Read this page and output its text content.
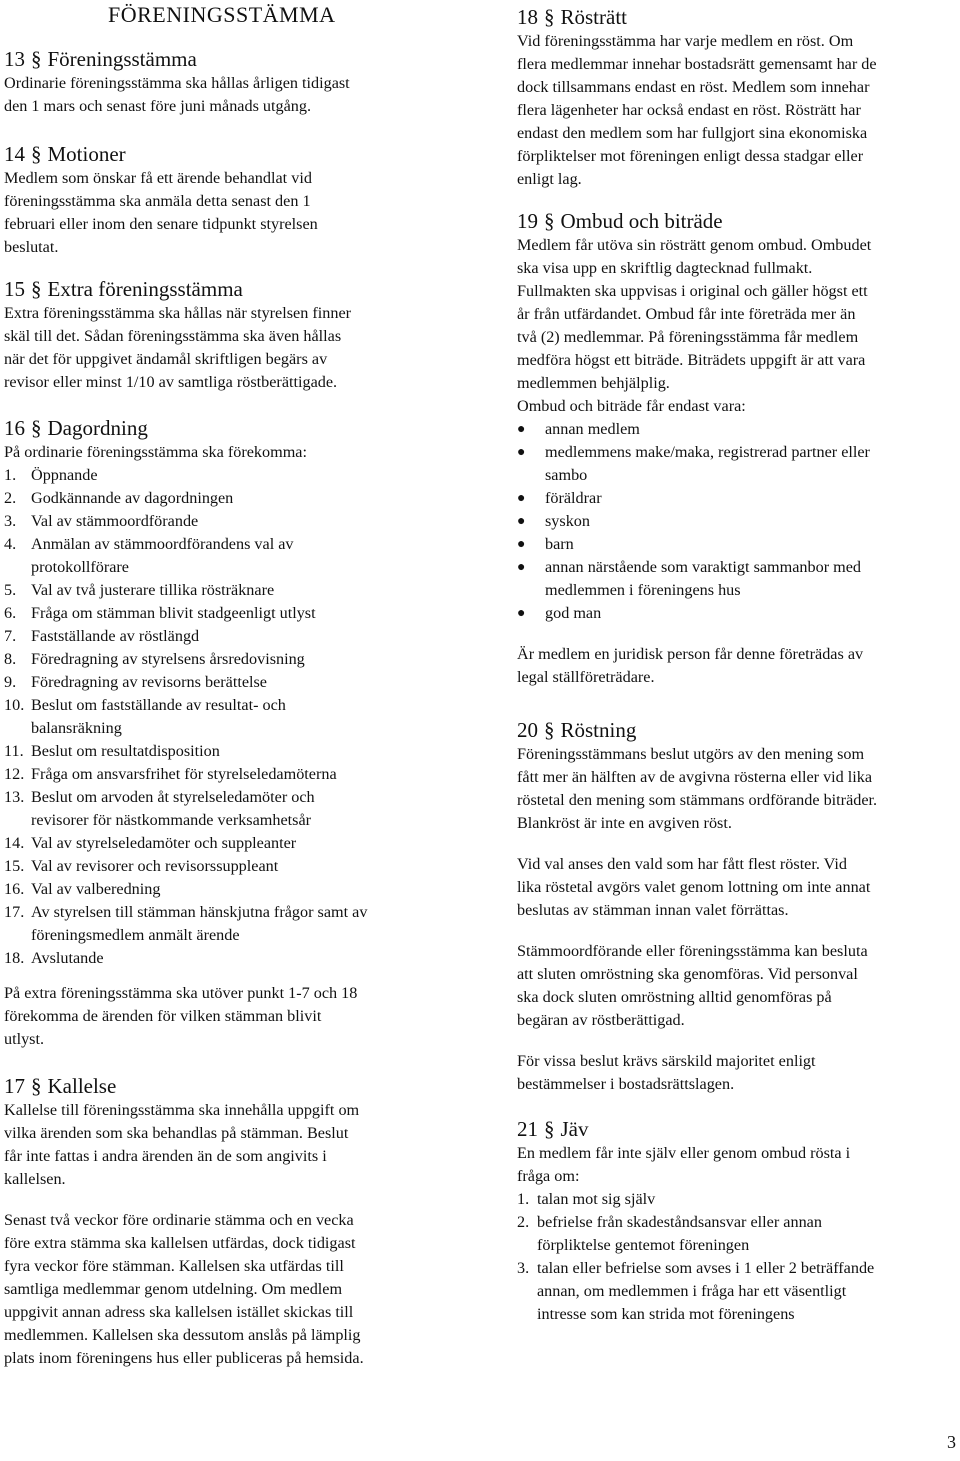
FÖRENINGSSTÄMMA
13 § Föreningsstämma

Ordinarie föreningsstämma ska hållas årligen tidigast

den 1 mars och senast före juni månads utgång.

14 § Motioner

Medlem som önskar få ett ärende behandlat vid

föreningsstämma ska anmäla detta senast den 1

februari eller inom den senare tidpunkt styrelsen

beslutat.

15 § Extra föreningsstämma

Extra föreningsstämma ska hållas när styrelsen finner

skäl till det. Sådan föreningsstämma ska även hållas

när det för uppgivet ändamål skriftligen begärs av

revisor eller minst 1/10 av samtliga röstberättigade.

16 § Dagordning

På ordinarie föreningsstämma ska förekomma:

1. Öppnande
2. Godkännande av dagordningen
3. Val av stämmoordförande
4. Anmälan av stämmoordförandens val av
protokollförare
5. Val av två justerare tillika rösträknare
6. Fråga om stämman blivit stadgeenligt utlyst
7. Fastställande av röstlängd
8. Föredragning av styrelsens årsredovisning
9. Föredragning av revisorns berättelse
10. Beslut om fastställande av resultat- och
balansräkning
11. Beslut om resultatdisposition
12. Fråga om ansvarsfrihet för styrelseledamöterna
13. Beslut om arvoden åt styrelseledamöter och
revisorer för nästkommande verksamhetsår
14. Val av styrelseledamöter och suppleanter
15. Val av revisorer och revisorssuppleant
16. Val av valberedning
17. Av styrelsen till stämman hänskjutna frågor samt av
föreningsmedlem anmält ärende
18. Avslutande

På extra föreningsstämma ska utöver punkt 1-7 och 18

förekomma de ärenden för vilken stämman blivit

utlyst.

17 § Kallelse

Kallelse till föreningsstämma ska innehålla uppgift om

vilka ärenden som ska behandlas på stämman. Beslut

får inte fattas i andra ärenden än de som angivits i

kallelsen.

Senast två veckor före ordinarie stämma och en vecka

före extra stämma ska kallelsen utfärdas, dock tidigast

fyra veckor före stämman. Kallelsen ska utfärdas till

samtliga medlemmar genom utdelning. Om medlem

uppgivit annan adress ska kallelsen istället skickas till

medlemmen. Kallelsen ska dessutom anslås på lämplig

plats inom föreningens hus eller publiceras på hemsida.

18 § Rösträtt

Vid föreningsstämma har varje medlem en röst. Om

flera medlemmar innehar bostadsrätt gemensamt har de

dock tillsammans endast en röst. Medlem som innehar

flera lägenheter har också endast en röst. Rösträtt har

endast den medlem som har fullgjort sina ekonomiska

förpliktelser mot föreningen enligt dessa stadgar eller

enligt lag.

19 § Ombud och biträde

Medlem får utöva sin rösträtt genom ombud. Ombudet

ska visa upp en skriftlig dagtecknad fullmakt.

Fullmakten ska uppvisas i original och gäller högst ett

år från utfärdandet. Ombud får inte företräda mer än

två (2) medlemmar. På föreningsstämma får medlem

medföra högst ett biträde. Biträdets uppgift är att vara

medlemmen behjälplig.

Ombud och biträde får endast vara:

●	annan medlem
●	medlemmens make/maka, registrerad partner eller
sambo
●	föräldrar
●	syskon
●	barn
●	annan närstående som varaktigt sammanbor med
medlemmen i föreningens hus
●	god man

Är medlem en juridisk person får denne företrädas av

legal ställföreträdare.

20 § Röstning

Föreningsstämmans beslut utgörs av den mening som

fått mer än hälften av de avgivna rösterna eller vid lika

röstetal den mening som stämmans ordförande biträder.

Blankröst är inte en avgiven röst.

Vid val anses den vald som har fått flest röster. Vid

lika röstetal avgörs valet genom lottning om inte annat

beslutas av stämman innan valet förrättas.

Stämmoordförande eller föreningsstämma kan besluta

att sluten omröstning ska genomföras. Vid personval

ska dock sluten omröstning alltid genomföras på

begäran av röstberättigad.

För vissa beslut krävs särskild majoritet enligt

bestämmelser i bostadsrättslagen.

21 § Jäv

En medlem får inte själv eller genom ombud rösta i

fråga om:

1. talan mot sig själv
2. befrielse från skadeståndsansvar eller annan
förpliktelse gentemot föreningen
3. talan eller befrielse som avses i 1 eller 2 beträffande
annan, om medlemmen i fråga har ett väsentligt
intresse som kan strida mot föreningens
3
